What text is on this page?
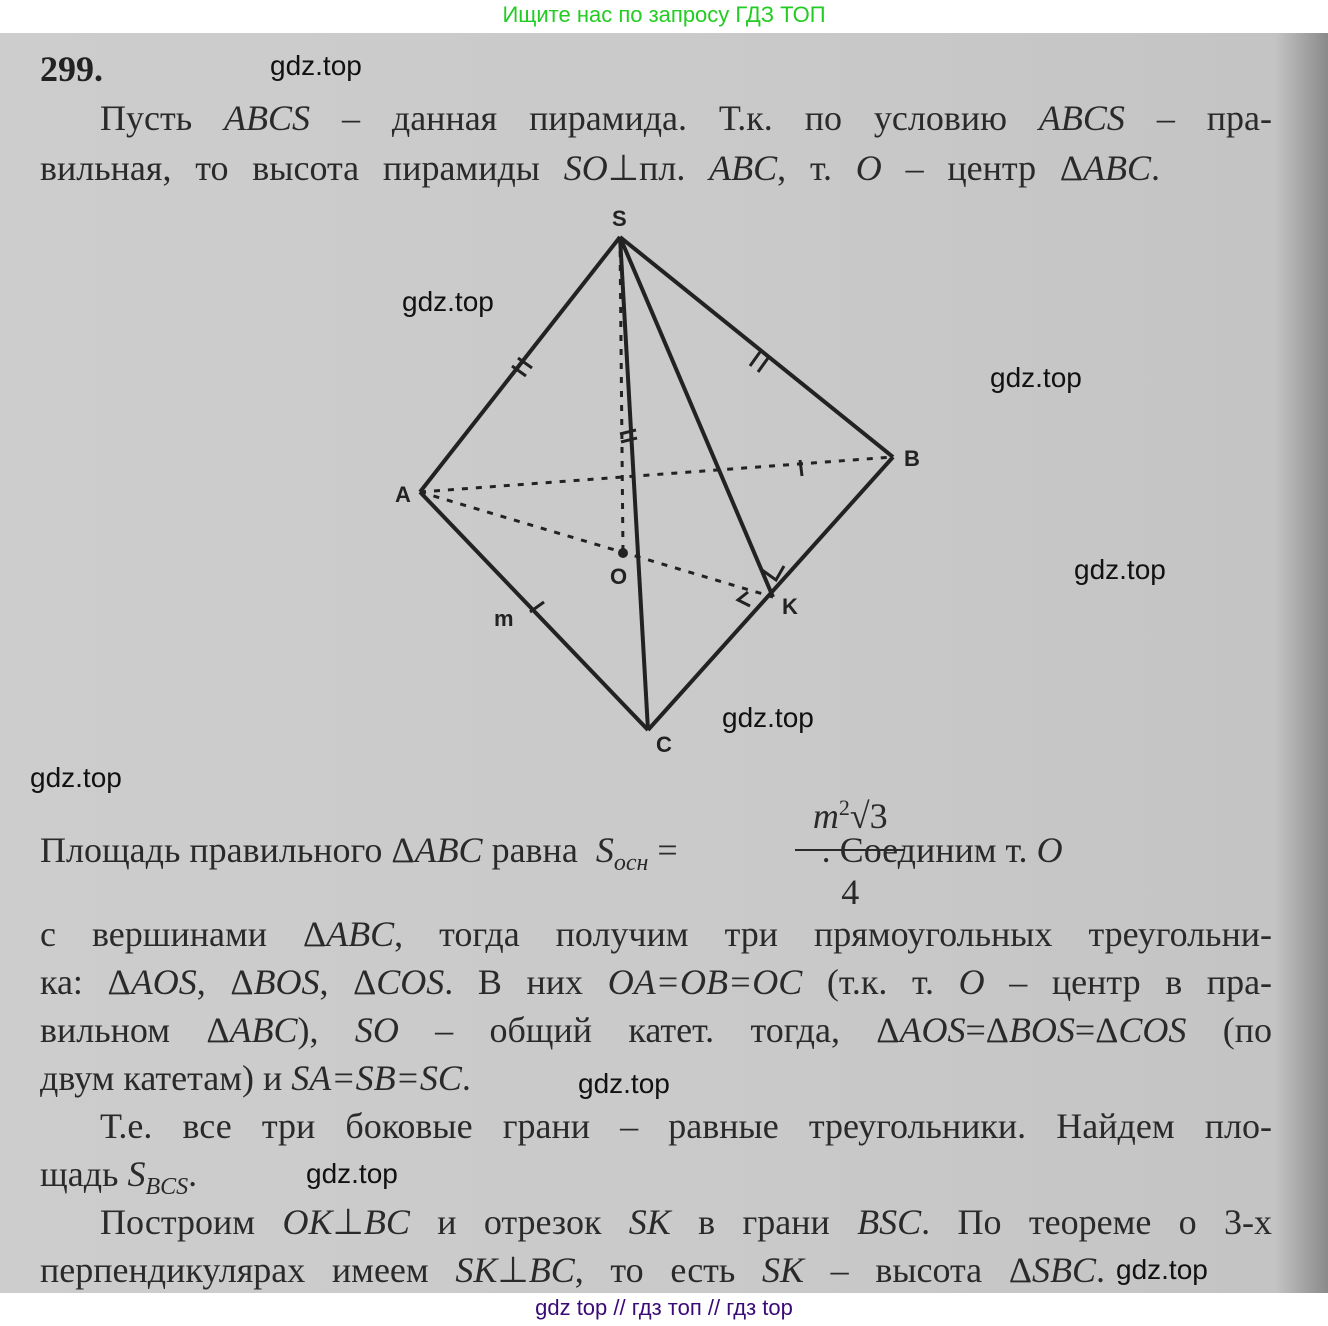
Ищите нас по запросу ГДЗ ТОП
299.
Пусть ABCS – данная пирамида. Т.к. по условию ABCS – пра-
вильная, то высота пирамиды SO⊥пл. ABC, т. O – центр ΔABC.
S
A
B
C
O
K
m
Площадь правильного ΔABC равна  $S_{осн}$ =                . Соединим т. O
$m^2√3$
4
с вершинами ΔABC, тогда получим три прямоугольных треугольни-
ка: ΔAOS, ΔBOS, ΔCOS. В них OA=OB=OC (т.к. т. O – центр в пра-
вильном ΔABC), SO – общий катет. тогда, ΔAOS=ΔBOS=ΔCOS (по
двум катетам) и SA=SB=SC.
Т.е. все три боковые грани – равные треугольники. Найдем пло-
щадь $S_{BCS}$.
Построим OK⊥BC и отрезок SK в грани BSC. По теореме о 3-х
перпендикулярах имеем SK⊥BC, то есть SK – высота ΔSBC.
gdz.top
gdz.top
gdz.top
gdz.top
gdz.top
gdz.top
gdz.top
gdz.top
gdz.top
gdz top // гдз топ // гдз top
